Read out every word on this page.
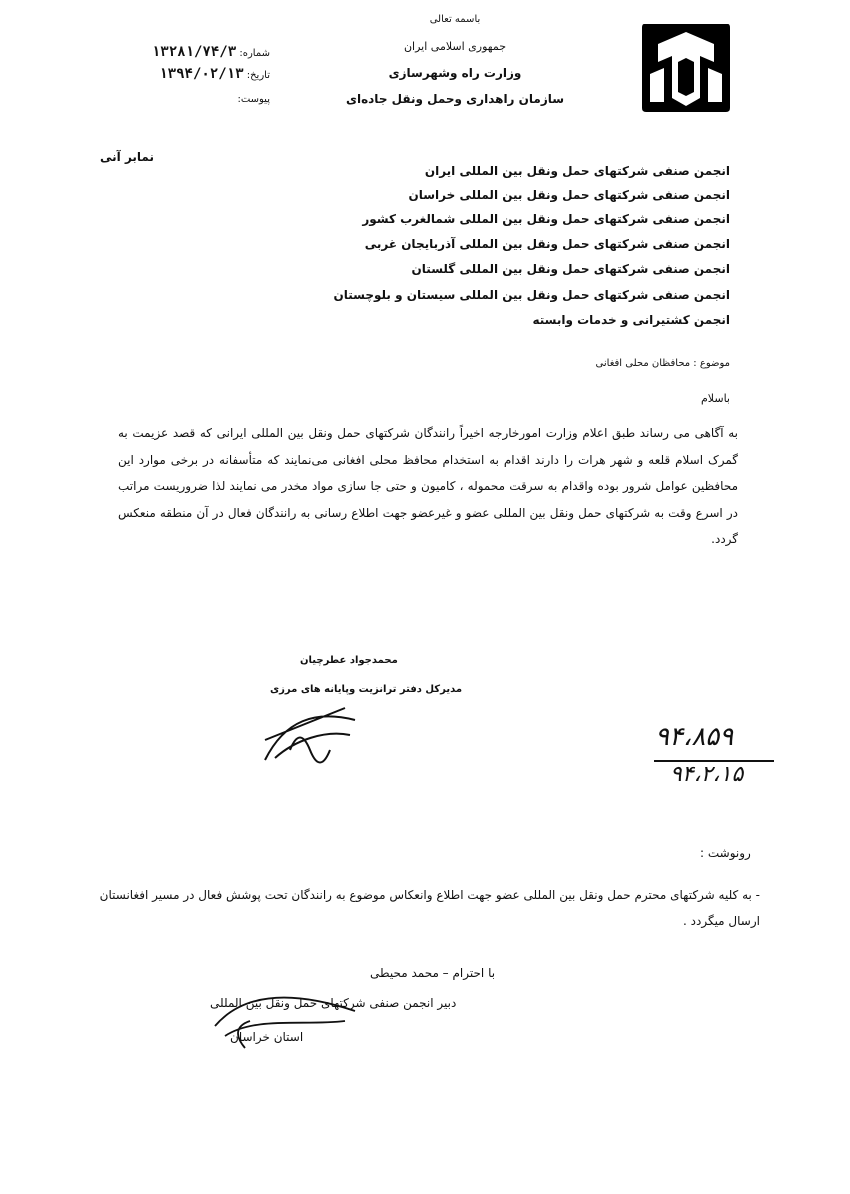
باسمه تعالی
جمهوری اسلامی ایران
وزارت راه وشهرسازی
سازمان راهداری وحمل ونقل جاده‌ای
شماره: ۱۳۲۸۱/۷۴/۳
تاریخ: ۱۳۹۴/۰۲/۱۳
پیوست:
نمابر آنی
انجمن صنفی شرکتهای حمل ونقل بین المللی ایران
انجمن صنفی شرکتهای حمل ونقل بین المللی خراسان
انجمن صنفی شرکتهای حمل ونقل بین المللی شمالغرب کشور
انجمن صنفی شرکتهای حمل ونقل بین المللی آذربایجان غربی
انجمن صنفی شرکتهای حمل ونقل بین المللی گلستان
انجمن صنفی شرکتهای حمل ونقل بین المللی سیستان و بلوچستان
انجمن کشتیرانی و خدمات وابسته
موضوع : محافظان محلی افغانی
باسلام
به آگاهی می رساند طبق اعلام وزارت امورخارجه اخیراً رانندگان شرکتهای حمل ونقل بین المللی ایرانی که قصد عزیمت به گمرک اسلام قلعه و شهر هرات را دارند اقدام به استخدام محافظ محلی افغانی می‌نمایند که متأسفانه در برخی موارد این محافظین عوامل شرور بوده واقدام به سرقت محموله ، کامیون و حتی جا سازی مواد مخدر می نمایند لذا ضروریست مراتب در اسرع وقت به شرکتهای حمل ونقل بین المللی عضو و غیرعضو جهت اطلاع رسانی به رانندگان فعال در آن منطقه منعکس گردد.
محمدجواد عطرچیان
مدیرکل دفتر ترانزیت وپایانه های مرزی
۹۴،۸۵۹
۹۴،۲،۱۵
رونوشت :
- به کلیه شرکتهای محترم حمل ونقل بین المللی عضو جهت اطلاع وانعکاس موضوع به رانندگان تحت پوشش فعال در مسیر افغانستان ارسال میگردد .
با احترام – محمد محیطی
دبیر انجمن صنفی شرکتهای حمل ونقل بین المللی
استان خراسان
